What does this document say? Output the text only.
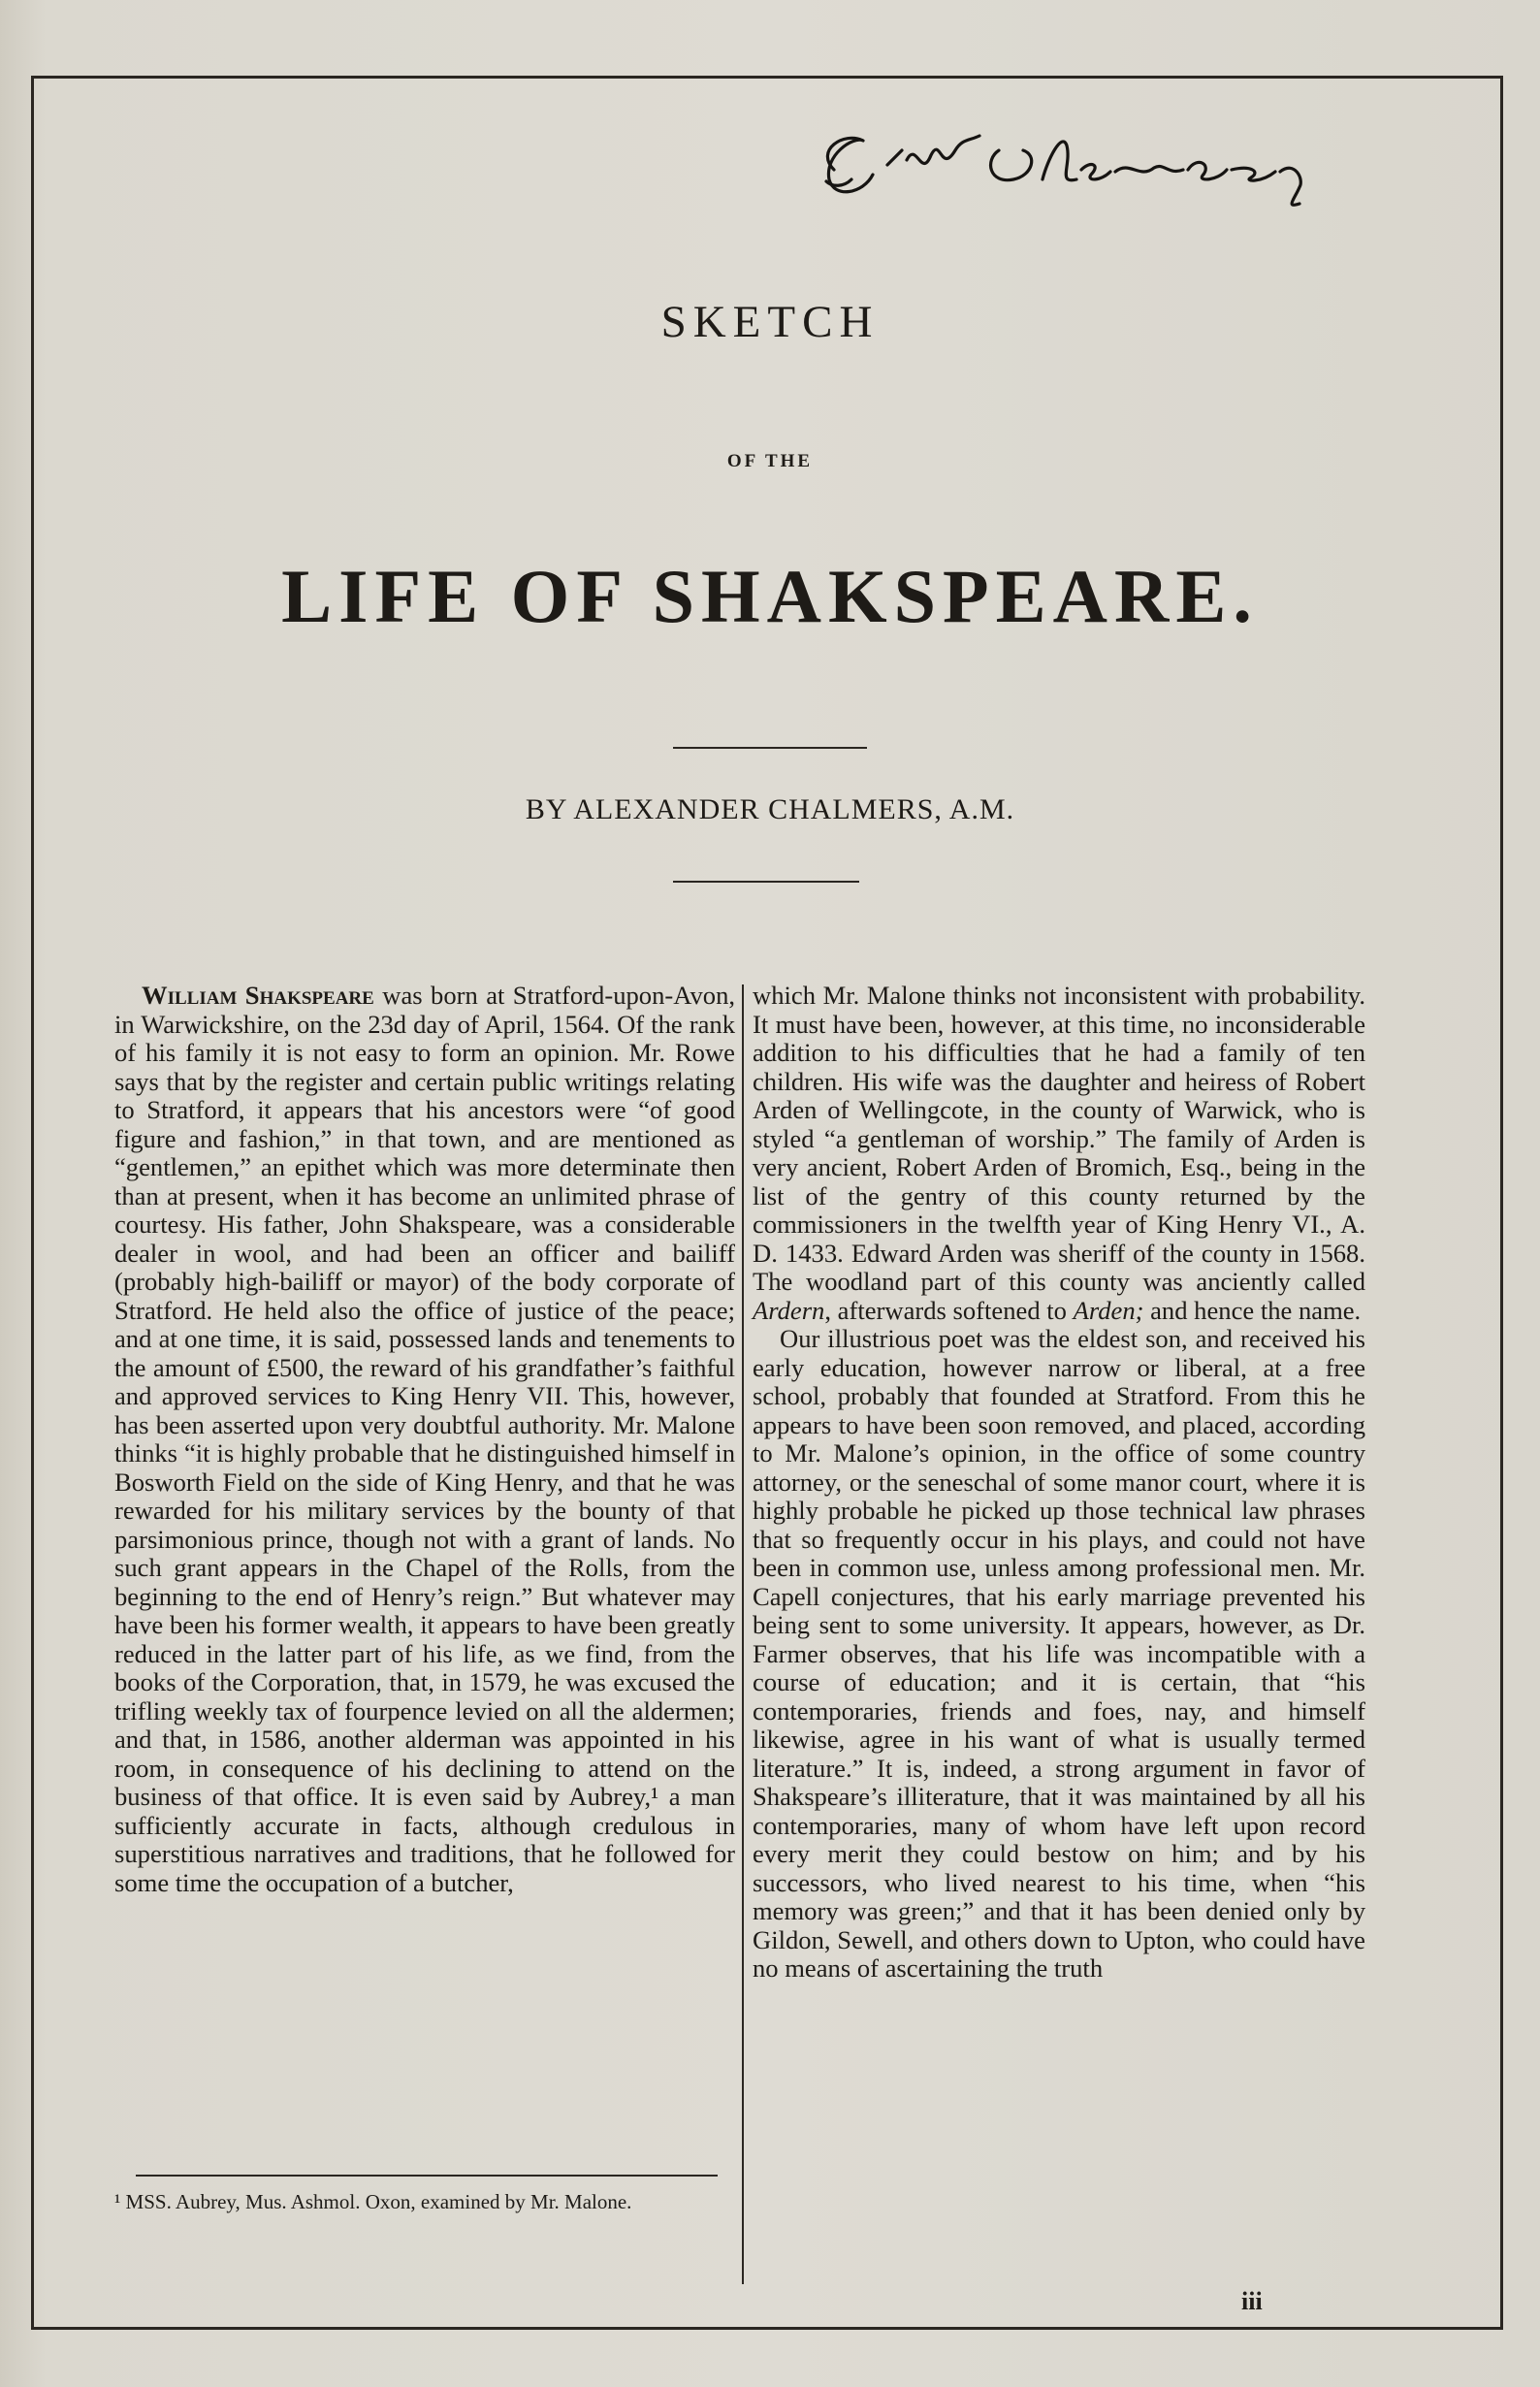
SKETCH
OF THE
LIFE OF SHAKSPEARE.
BY ALEXANDER CHALMERS, A.M.

William Shakspeare was born at Stratford-upon-Avon, in Warwickshire, on the 23d day of April, 1564. Of the rank of his family it is not easy to form an opinion. Mr. Rowe says that by the register and certain public writings relating to Stratford, it appears that his ancestors were “of good figure and fashion,” in that town, and are mentioned as “gentlemen,” an epithet which was more determinate then than at present, when it has become an unlimited phrase of courtesy. His father, John Shakspeare, was a considerable dealer in wool, and had been an officer and bailiff (probably high-bailiff or mayor) of the body corporate of Stratford. He held also the office of justice of the peace; and at one time, it is said, possessed lands and tenements to the amount of £500, the reward of his grandfather’s faithful and approved services to King Henry VII. This, however, has been asserted upon very doubtful authority. Mr. Malone thinks “it is highly probable that he distinguished himself in Bosworth Field on the side of King Henry, and that he was rewarded for his military services by the bounty of that parsimonious prince, though not with a grant of lands. No such grant appears in the Chapel of the Rolls, from the beginning to the end of Henry’s reign.” But whatever may have been his former wealth, it appears to have been greatly reduced in the latter part of his life, as we find, from the books of the Corporation, that, in 1579, he was excused the trifling weekly tax of fourpence levied on all the aldermen; and that, in 1586, another alderman was appointed in his room, in consequence of his declining to attend on the business of that office. It is even said by Aubrey,¹ a man sufficiently accurate in facts, although credulous in superstitious narratives and traditions, that he followed for some time the occupation of a butcher,

which Mr. Malone thinks not inconsistent with probability. It must have been, however, at this time, no inconsiderable addition to his difficulties that he had a family of ten children. His wife was the daughter and heiress of Robert Arden of Wellingcote, in the county of Warwick, who is styled “a gentleman of worship.” The family of Arden is very ancient, Robert Arden of Bromich, Esq., being in the list of the gentry of this county returned by the commissioners in the twelfth year of King Henry VI., A. D. 1433. Edward Arden was sheriff of the county in 1568. The woodland part of this county was anciently called Ardern, afterwards softened to Arden; and hence the name.

Our illustrious poet was the eldest son, and received his early education, however narrow or liberal, at a free school, probably that founded at Stratford. From this he appears to have been soon removed, and placed, according to Mr. Malone’s opinion, in the office of some country attorney, or the seneschal of some manor court, where it is highly probable he picked up those technical law phrases that so frequently occur in his plays, and could not have been in common use, unless among professional men. Mr. Capell conjectures, that his early marriage prevented his being sent to some university. It appears, however, as Dr. Farmer observes, that his life was incompatible with a course of education; and it is certain, that “his contemporaries, friends and foes, nay, and himself likewise, agree in his want of what is usually termed literature.” It is, indeed, a strong argument in favor of Shakspeare’s illiterature, that it was maintained by all his contemporaries, many of whom have left upon record every merit they could bestow on him; and by his successors, who lived nearest to his time, when “his memory was green;” and that it has been denied only by Gildon, Sewell, and others down to Upton, who could have no means of ascertaining the truth

¹ MSS. Aubrey, Mus. Ashmol. Oxon, examined by Mr. Malone.
iii
